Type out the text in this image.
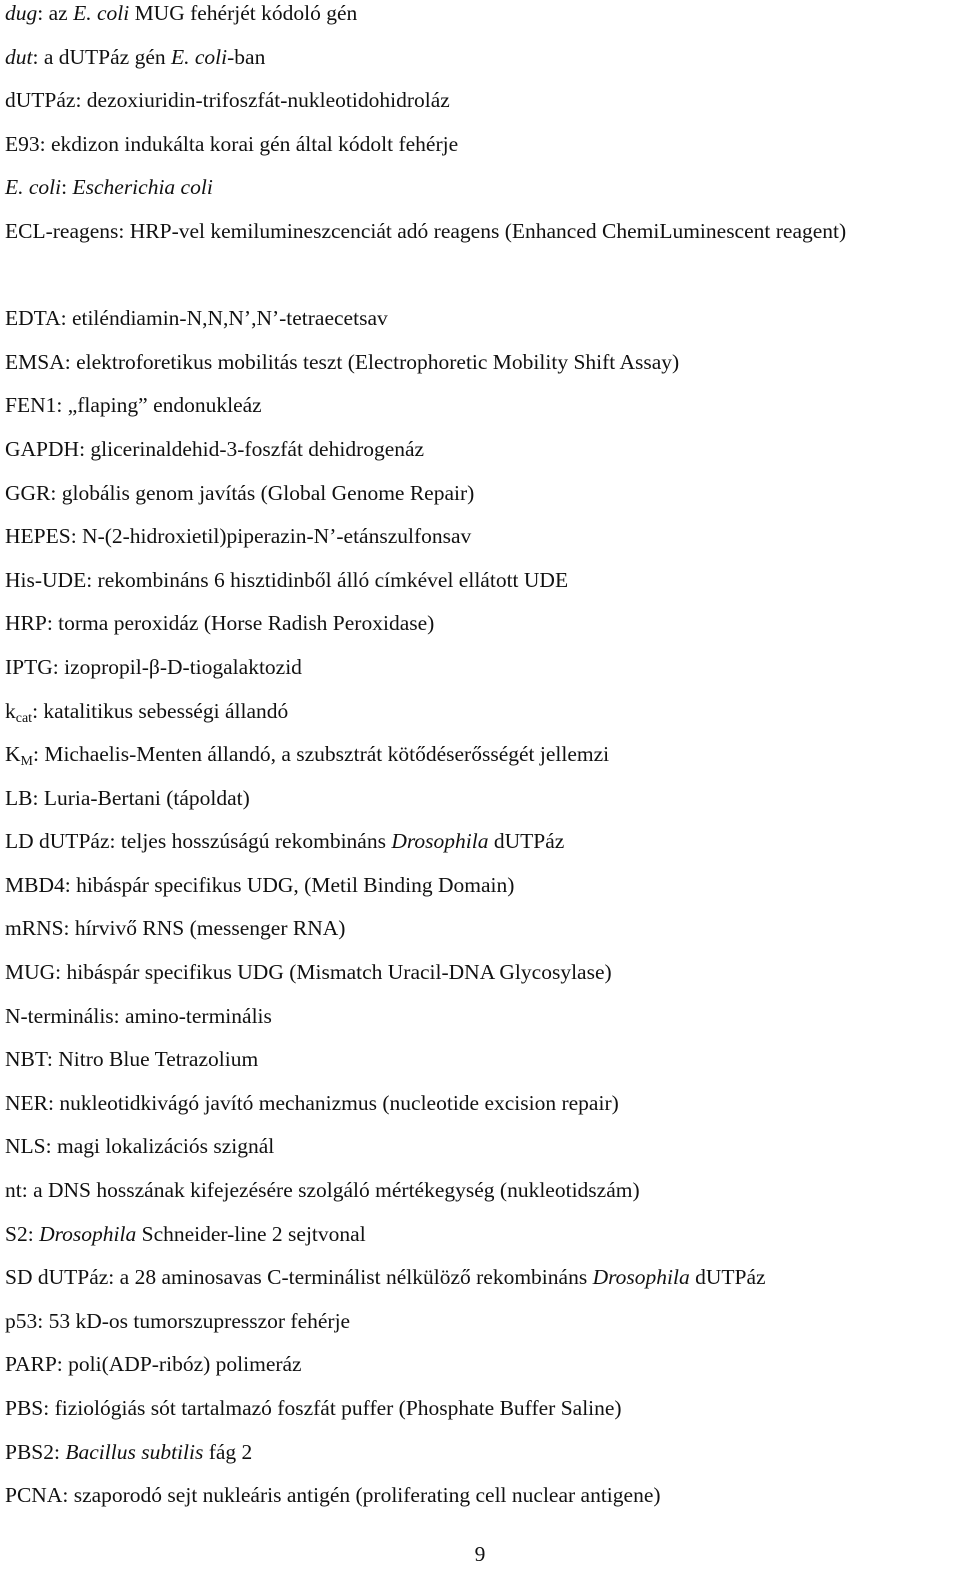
dug: az E. coli MUG fehérjét kódoló gén
dut: a dUTPáz gén E. coli-ban
dUTPáz: dezoxiuridin-trifoszfát-nukleotidohidroláz
E93: ekdizon indukálta korai gén által kódolt fehérje
E. coli: Escherichia coli
ECL-reagens: HRP-vel kemilumineszcenciát adó reagens (Enhanced ChemiLuminescent reagent)
EDTA: etiléndiamin-N,N,N’,N’-tetraecetsav
EMSA: elektroforetikus mobilitás teszt (Electrophoretic Mobility Shift Assay)
FEN1: „flaping” endonukleáz
GAPDH: glicerinaldehid-3-foszfát dehidrogenáz
GGR: globális genom javítás (Global Genome Repair)
HEPES: N-(2-hidroxietil)piperazin-N’-etánszulfonsav
His-UDE: rekombináns 6 hisztidinből álló címkével ellátott UDE
HRP: torma peroxidáz (Horse Radish Peroxidase)
IPTG: izopropil-β-D-tiogalaktozid
$k_{cat}$: katalitikus sebességi állandó
$K_M$: Michaelis-Menten állandó, a szubsztrát kötődéserősségét jellemzi
LB: Luria-Bertani (tápoldat)
LD dUTPáz: teljes hosszúságú rekombináns Drosophila dUTPáz
MBD4: hibáspár specifikus UDG, (Metil Binding Domain)
mRNS: hírvivő RNS (messenger RNA)
MUG: hibáspár specifikus UDG (Mismatch Uracil-DNA Glycosylase)
N-terminális: amino-terminális
NBT: Nitro Blue Tetrazolium
NER: nukleotidkivágó javító mechanizmus (nucleotide excision repair)
NLS: magi lokalizációs szignál
nt: a DNS hosszának kifejezésére szolgáló mértékegység (nukleotidszám)
S2: Drosophila Schneider-line 2 sejtvonal
SD dUTPáz: a 28 aminosavas C-terminálist nélkülöző rekombináns Drosophila dUTPáz
p53: 53 kD-os tumorszupresszor fehérje
PARP: poli(ADP-ribóz) polimeráz
PBS: fiziológiás sót tartalmazó foszfát puffer (Phosphate Buffer Saline)
PBS2: Bacillus subtilis fág 2
PCNA: szaporodó sejt nukleáris antigén (proliferating cell nuclear antigene)
9
